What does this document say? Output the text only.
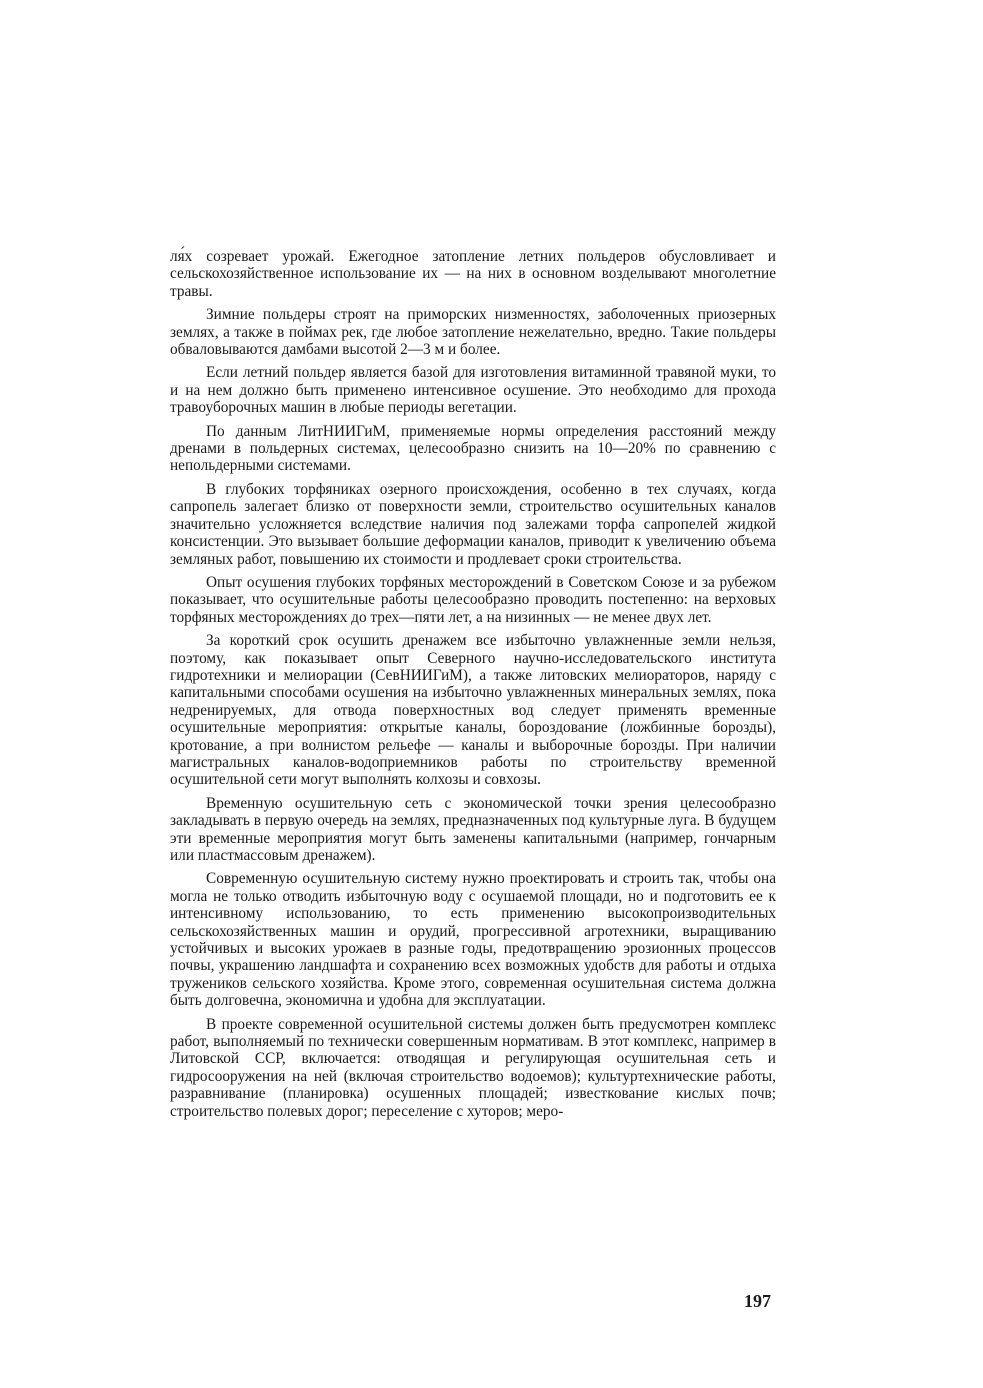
ля́х созревает урожай. Ежегодное затопление летних польдеров обусловливает и сельскохозяйственное использование их — на них в основном возделывают многолетние травы.

Зимние польдеры строят на приморских низменностях, заболоченных приозерных землях, а также в поймах рек, где любое затопление нежелательно, вредно. Такие польдеры обваловываются дамбами высотой 2—3 м и более.

Если летний польдер является базой для изготовления витаминной травяной муки, то и на нем должно быть применено интенсивное осушение. Это необходимо для прохода травоуборочных машин в любые периоды вегетации.

По данным ЛитНИИГиМ, применяемые нормы определения расстояний между дренами в польдерных системах, целесообразно снизить на 10—20% по сравнению с непольдерными системами.

В глубоких торфяниках озерного происхождения, особенно в тех случаях, когда сапропель залегает близко от поверхности земли, строительство осушительных каналов значительно усложняется вследствие наличия под залежами торфа сапропелей жидкой консистенции. Это вызывает большие деформации каналов, приводит к увеличению объема земляных работ, повышению их стоимости и продлевает сроки строительства.

Опыт осушения глубоких торфяных месторождений в Советском Союзе и за рубежом показывает, что осушительные работы целесообразно проводить постепенно: на верховых торфяных месторождениях до трех—пяти лет, а на низинных — не менее двух лет.

За короткий срок осушить дренажем все избыточно увлажненные земли нельзя, поэтому, как показывает опыт Северного научно-исследовательского института гидротехники и мелиорации (СевНИИГиМ), а также литовских мелиораторов, наряду с капитальными способами осушения на избыточно увлажненных минеральных землях, пока недренируемых, для отвода поверхностных вод следует применять временные осушительные мероприятия: открытые каналы, бороздование (ложбинные борозды), кротование, а при волнистом рельефе — каналы и выборочные борозды. При наличии магистральных каналов-водоприемников работы по строительству временной осушительной сети могут выполнять колхозы и совхозы.

Временную осушительную сеть с экономической точки зрения целесообразно закладывать в первую очередь на землях, предназначенных под культурные луга. В будущем эти временные мероприятия могут быть заменены капитальными (например, гончарным или пластмассовым дренажем).

Современную осушительную систему нужно проектировать и строить так, чтобы она могла не только отводить избыточную воду с осушаемой площади, но и подготовить ее к интенсивному использованию, то есть применению высокопроизводительных сельскохозяйственных машин и орудий, прогрессивной агротехники, выращиванию устойчивых и высоких урожаев в разные годы, предотвращению эрозионных процессов почвы, украшению ландшафта и сохранению всех возможных удобств для работы и отдыха тружеников сельского хозяйства. Кроме этого, современная осушительная система должна быть долговечна, экономична и удобна для эксплуатации.

В проекте современной осушительной системы должен быть предусмотрен комплекс работ, выполняемый по технически совершенным нормативам. В этот комплекс, например в Литовской ССР, включается: отводящая и регулирующая осушительная сеть и гидросооружения на ней (включая строительство водоемов); культуртехнические работы, разравнивание (планировка) осушенных площадей; известкование кислых почв; строительство полевых дорог; переселение с хуторов; меро-

197
